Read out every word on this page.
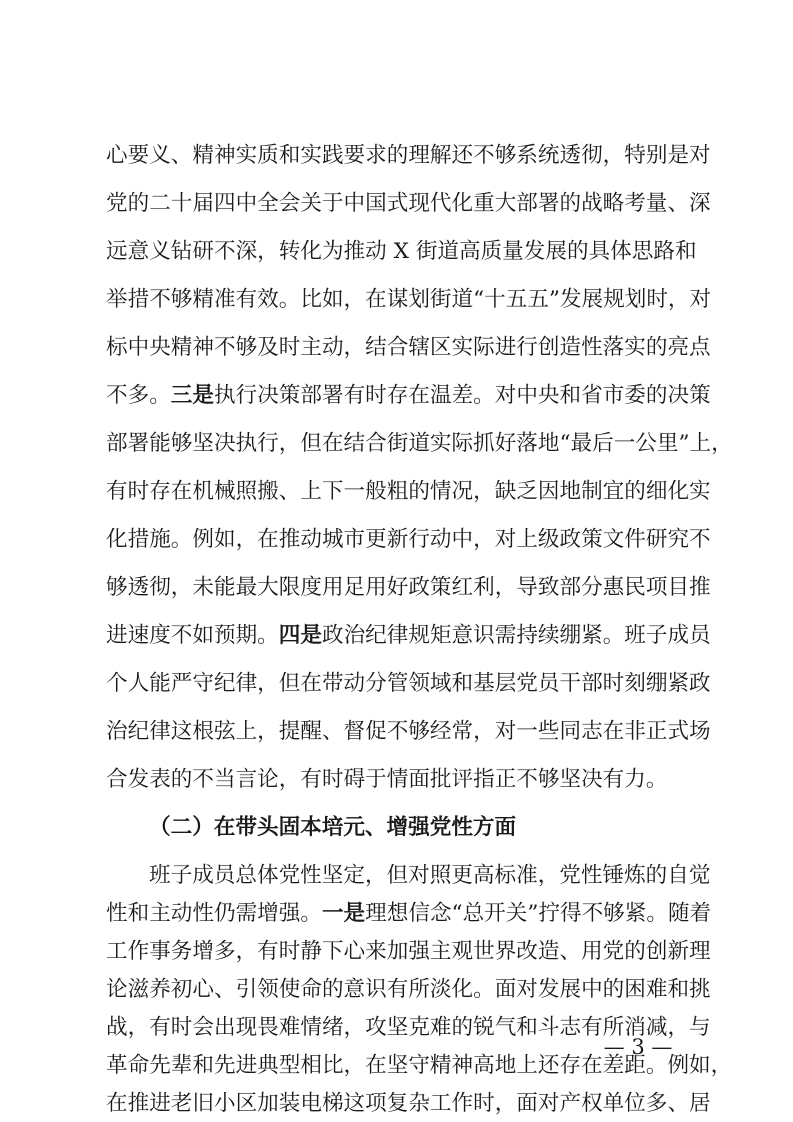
心要义、精神实质和实践要求的理解还不够系统透彻，特别是对
党的二十届四中全会关于中国式现代化重大部署的战略考量、深
远意义钻研不深，转化为推动 X 街道高质量发展的具体思路和
举措不够精准有效。比如，在谋划街道“十五五”发展规划时，对
标中央精神不够及时主动，结合辖区实际进行创造性落实的亮点
不多。三是执行决策部署有时存在温差。对中央和省市委的决策
部署能够坚决执行，但在结合街道实际抓好落地“最后一公里”上，
有时存在机械照搬、上下一般粗的情况，缺乏因地制宜的细化实
化措施。例如，在推动城市更新行动中，对上级政策文件研究不
够透彻，未能最大限度用足用好政策红利，导致部分惠民项目推
进速度不如预期。四是政治纪律规矩意识需持续绷紧。班子成员
个人能严守纪律，但在带动分管领域和基层党员干部时刻绷紧政
治纪律这根弦上，提醒、督促不够经常，对一些同志在非正式场
合发表的不当言论，有时碍于情面批评指正不够坚决有力。
（二）在带头固本培元、增强党性方面
班子成员总体党性坚定，但对照更高标准，党性锤炼的自觉
性和主动性仍需增强。一是理想信念“总开关”拧得不够紧。随着
工作事务增多，有时静下心来加强主观世界改造、用党的创新理
论滋养初心、引领使命的意识有所淡化。面对发展中的困难和挑
战，有时会出现畏难情绪，攻坚克难的锐气和斗志有所消减，与
革命先辈和先进典型相比，在坚守精神高地上还存在差距。例如，
在推进老旧小区加装电梯这项复杂工作时，面对产权单位多、居
— 3 —
